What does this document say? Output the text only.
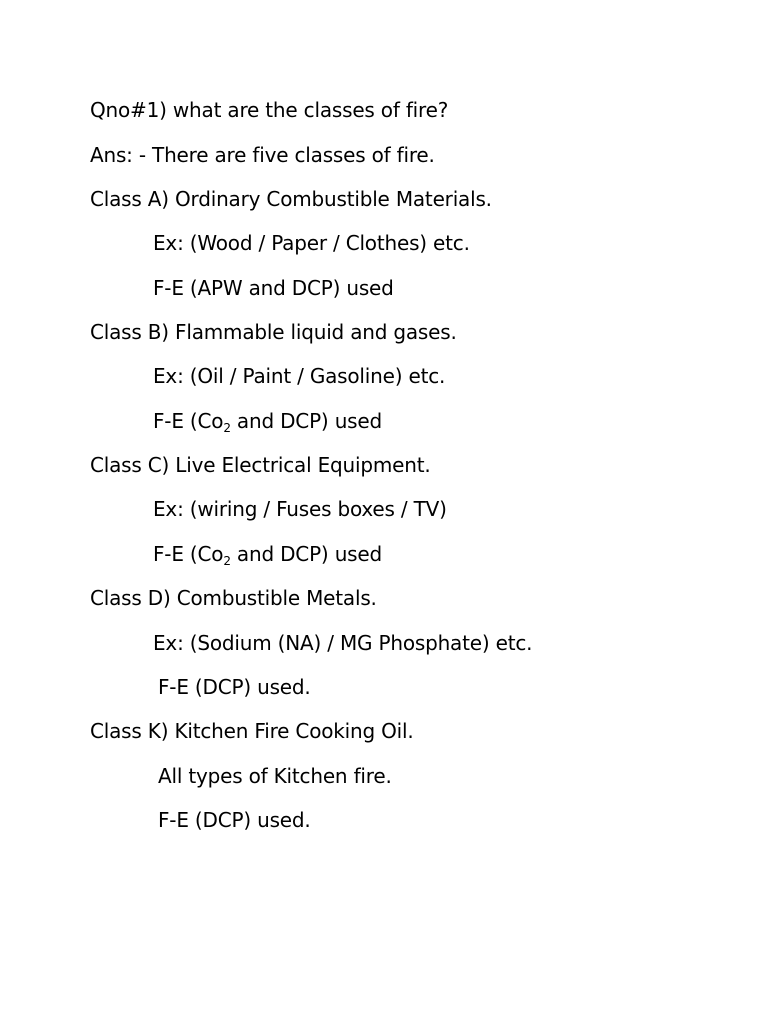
Qno#1) what are the classes of fire?
Ans: - There are five classes of fire.
Class A) Ordinary Combustible Materials.
Ex: (Wood / Paper / Clothes) etc.
F-E (APW and DCP) used
Class B) Flammable liquid and gases.
Ex: (Oil / Paint / Gasoline) etc.
F-E ($Co_2$ and DCP) used
Class C) Live Electrical Equipment.
Ex: (wiring / Fuses boxes / TV)
F-E ($Co_2$ and DCP) used
Class D) Combustible Metals.
Ex: (Sodium (NA) / MG Phosphate) etc.
F-E (DCP) used.
Class K) Kitchen Fire Cooking Oil.
All types of Kitchen fire.
F-E (DCP) used.
